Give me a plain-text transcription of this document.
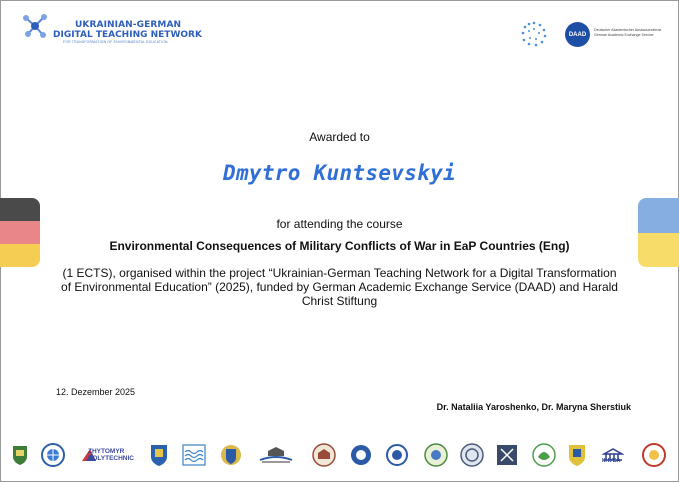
UKRAINIAN-GERMAN
DIGITAL TEACHING NETWORK
FOR TRANSFORMATION OF ENVIRONMENTAL EDUCATION
DAAD
Deutscher Akademischer Austauschdienst German Academic Exchange Service
Awarded to
Dmytro Kuntsevskyi
for attending the course
Environmental Consequences of Military Conflicts of War in EaP Countries (Eng)
(1 ECTS), organised within the project “Ukrainian-German Teaching Network for a Digital Transformation of Environmental Education” (2025), funded by German Academic Exchange Service (DAAD) and Harald Christ Stiftung
12. Dezember 2025
Dr. Nataliia Yaroshenko, Dr. Maryna Sherstiuk
ZHYTOMYR
POLYTECHNIC	КНУБА
